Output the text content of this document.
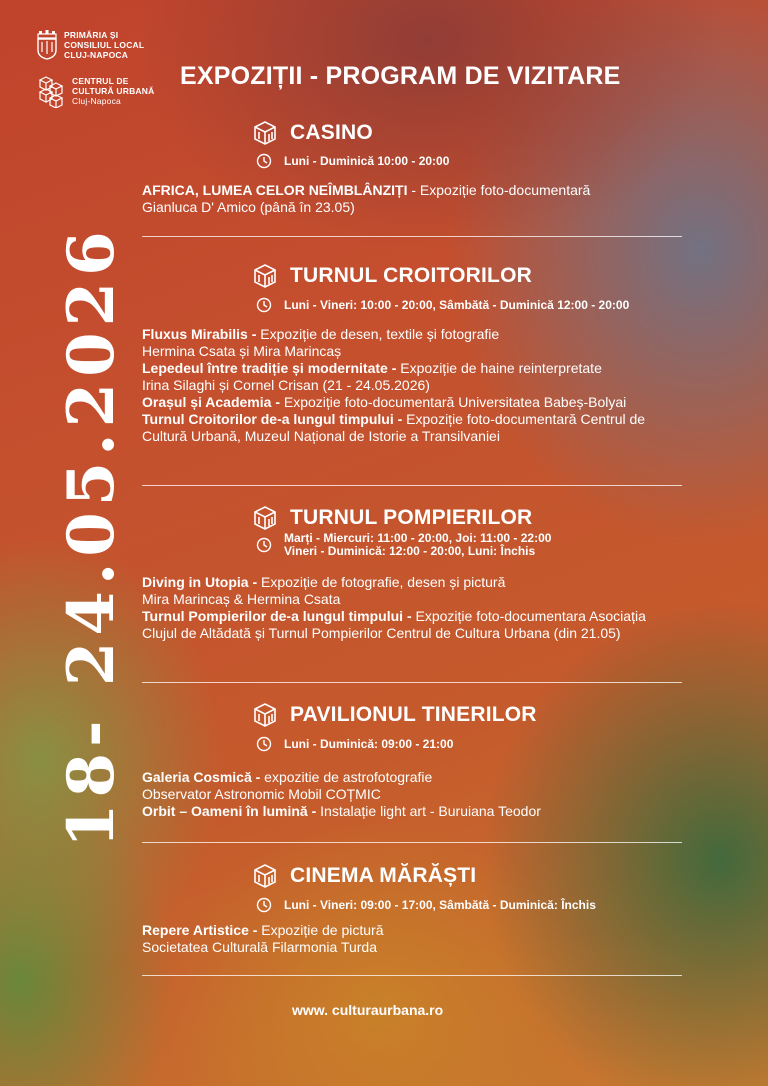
PRIMĂRIA ȘI
CONSILIUL LOCAL
CLUJ-NAPOCA
CENTRUL DE
CULTURĂ URBANĂ
Cluj-Napoca
EXPOZIȚII - PROGRAM DE VIZITARE
18- 24.05.2026
CASINO
Luni - Duminică 10:00 - 20:00
AFRICA, LUMEA CELOR NEÎMBLÂNZIȚI - Expoziție foto-documentară
Gianluca D' Amico (până în 23.05)
TURNUL CROITORILOR
Luni - Vineri: 10:00 - 20:00, Sâmbătă - Duminică 12:00 - 20:00
Fluxus Mirabilis - Expoziție de desen, textile și fotografie
Hermina Csata și Mira Marincaș
Lepedeul între tradiție și modernitate - Expoziție de haine reinterpretate
Irina Silaghi și Cornel Crisan (21 - 24.05.2026)
Orașul și Academia - Expoziție foto-documentară Universitatea Babeș-Bolyai
Turnul Croitorilor de-a lungul timpului - Expoziție foto-documentară Centrul de
Cultură Urbană, Muzeul Național de Istorie a Transilvaniei
TURNUL POMPIERILOR
Marți - Miercuri: 11:00 - 20:00, Joi: 11:00 - 22:00
Vineri - Duminică: 12:00 - 20:00, Luni: Închis
Diving in Utopia - Expoziție de fotografie, desen și pictură
Mira Marincaș & Hermina Csata
Turnul Pompierilor de-a lungul timpului - Expoziție foto-documentara Asociația
Clujul de Altădată și Turnul Pompierilor Centrul de Cultura Urbana (din 21.05)
PAVILIONUL TINERILOR
Luni - Duminică: 09:00 - 21:00
Galeria Cosmică - expozitie de astrofotografie
Observator Astronomic Mobil COȚMIC
Orbit – Oameni în lumină - Instalație light art - Buruiana Teodor
CINEMA MĂRĂȘTI
Luni - Vineri: 09:00 - 17:00, Sâmbătă - Duminică: Închis
Repere Artistice - Expoziție de pictură
Societatea Culturală Filarmonia Turda
www. culturaurbana.ro
